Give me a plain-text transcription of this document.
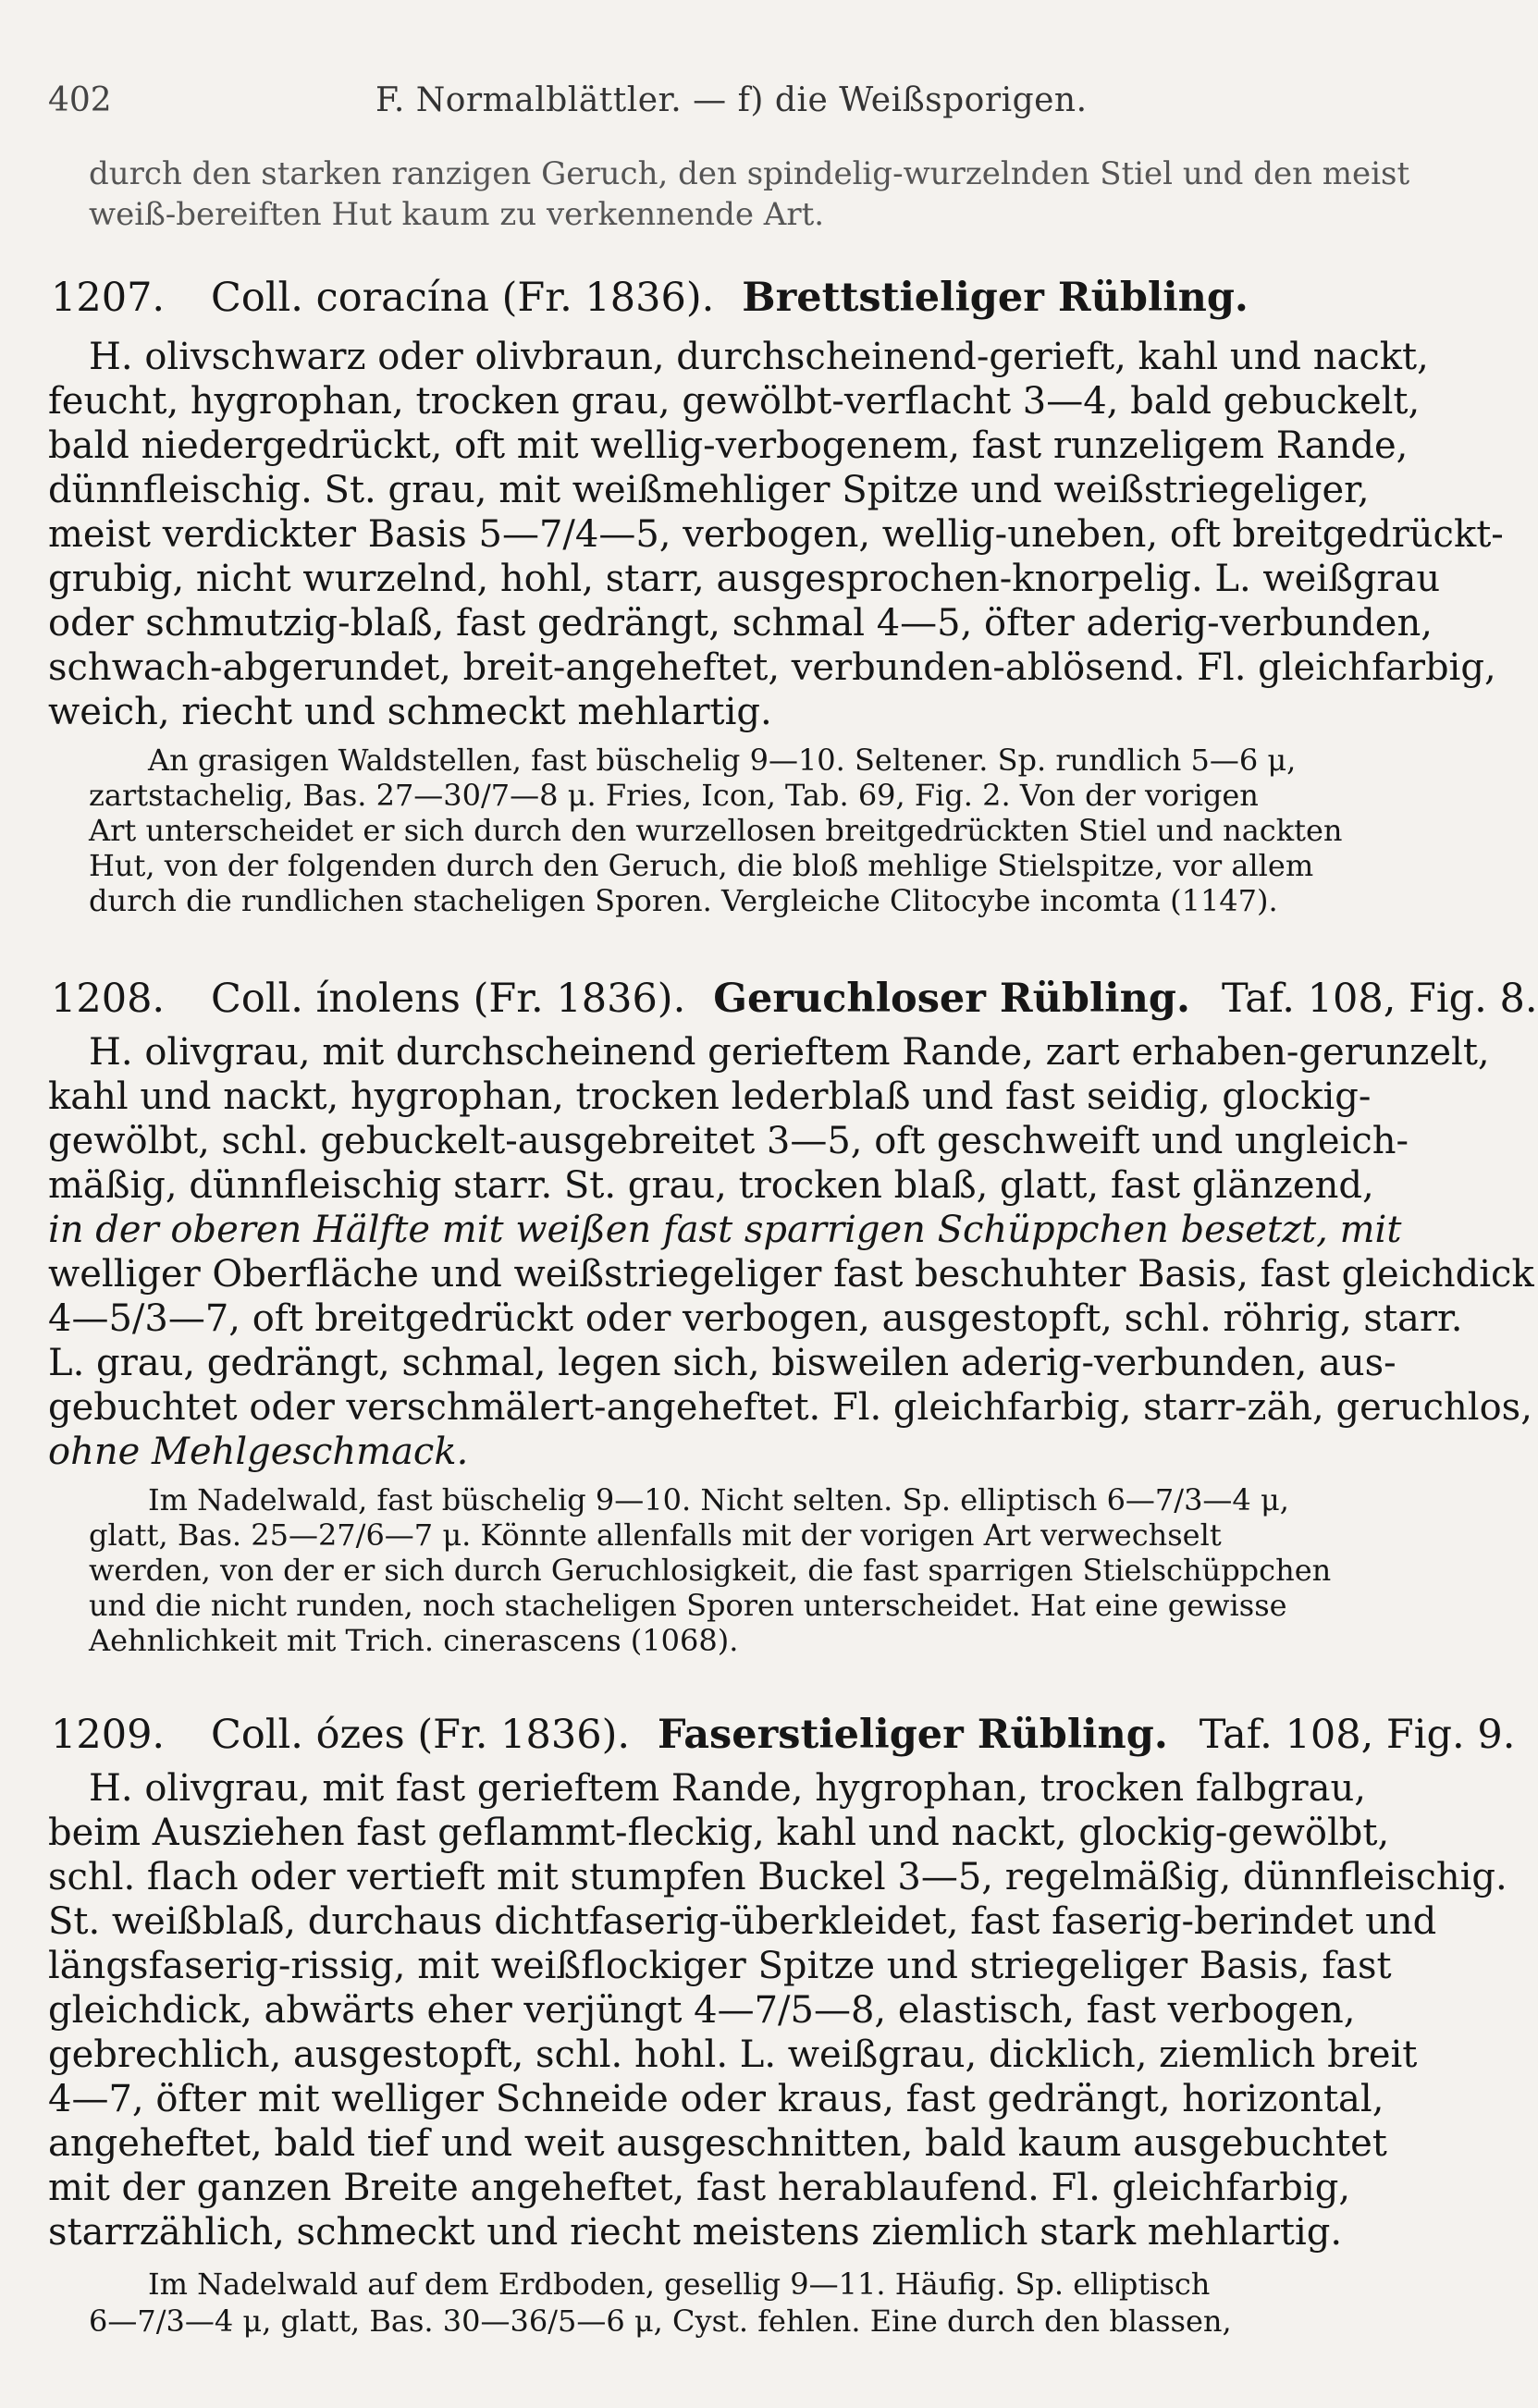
402	F. Normalblättler. — f) die Weißsporigen.
durch den starken ranzigen Geruch, den spindelig-wurzelnden Stiel und den meist
weiß-bereiften Hut kaum zu verkennende Art.
1207. Coll. coracína (Fr. 1836). Brettstieliger Rübling.
H. olivschwarz oder olivbraun, durchscheinend-gerieft, kahl und nackt,
feucht, hygrophan, trocken grau, gewölbt-verflacht 3—4, bald gebuckelt,
bald niedergedrückt, oft mit wellig-verbogenem, fast runzeligem Rande,
dünnfleischig. St. grau, mit weißmehliger Spitze und weißstriegeliger,
meist verdickter Basis 5—7/4—5, verbogen, wellig-uneben, oft breitgedrückt-
grubig, nicht wurzelnd, hohl, starr, ausgesprochen-knorpelig. L. weißgrau
oder schmutzig-blaß, fast gedrängt, schmal 4—5, öfter aderig-verbunden,
schwach-abgerundet, breit-angeheftet, verbunden-ablösend. Fl. gleichfarbig,
weich, riecht und schmeckt mehlartig.
An grasigen Waldstellen, fast büschelig 9—10. Seltener. Sp. rundlich 5—6 μ,
zartstachelig, Bas. 27—30/7—8 μ. Fries, Icon, Tab. 69, Fig. 2. Von der vorigen
Art unterscheidet er sich durch den wurzellosen breitgedrückten Stiel und nackten
Hut, von der folgenden durch den Geruch, die bloß mehlige Stielspitze, vor allem
durch die rundlichen stacheligen Sporen. Vergleiche Clitocybe incomta (1147).
1208. Coll. ínolens (Fr. 1836). Geruchloser Rübling. Taf. 108, Fig. 8.
H. olivgrau, mit durchscheinend gerieftem Rande, zart erhaben-gerunzelt,
kahl und nackt, hygrophan, trocken lederblaß und fast seidig, glockig-
gewölbt, schl. gebuckelt-ausgebreitet 3—5, oft geschweift und ungleich-
mäßig, dünnfleischig starr. St. grau, trocken blaß, glatt, fast glänzend,
in der oberen Hälfte mit weißen fast sparrigen Schüppchen besetzt, mit
welliger Oberfläche und weißstriegeliger fast beschuhter Basis, fast gleichdick
4—5/3—7, oft breitgedrückt oder verbogen, ausgestopft, schl. röhrig, starr.
L. grau, gedrängt, schmal, legen sich, bisweilen aderig-verbunden, aus-
gebuchtet oder verschmälert-angeheftet. Fl. gleichfarbig, starr-zäh, geruchlos,
ohne Mehlgeschmack.
Im Nadelwald, fast büschelig 9—10. Nicht selten. Sp. elliptisch 6—7/3—4 μ,
glatt, Bas. 25—27/6—7 μ. Könnte allenfalls mit der vorigen Art verwechselt
werden, von der er sich durch Geruchlosigkeit, die fast sparrigen Stielschüppchen
und die nicht runden, noch stacheligen Sporen unterscheidet. Hat eine gewisse
Aehnlichkeit mit Trich. cinerascens (1068).
1209. Coll. ózes (Fr. 1836). Faserstieliger Rübling. Taf. 108, Fig. 9.
H. olivgrau, mit fast gerieftem Rande, hygrophan, trocken falbgrau,
beim Ausziehen fast geflammt-fleckig, kahl und nackt, glockig-gewölbt,
schl. flach oder vertieft mit stumpfen Buckel 3—5, regelmäßig, dünnfleischig.
St. weißblaß, durchaus dichtfaserig-überkleidet, fast faserig-berindet und
längsfaserig-rissig, mit weißflockiger Spitze und striegeliger Basis, fast
gleichdick, abwärts eher verjüngt 4—7/5—8, elastisch, fast verbogen,
gebrechlich, ausgestopft, schl. hohl. L. weißgrau, dicklich, ziemlich breit
4—7, öfter mit welliger Schneide oder kraus, fast gedrängt, horizontal,
angeheftet, bald tief und weit ausgeschnitten, bald kaum ausgebuchtet
mit der ganzen Breite angeheftet, fast herablaufend. Fl. gleichfarbig,
starrzählich, schmeckt und riecht meistens ziemlich stark mehlartig.
Im Nadelwald auf dem Erdboden, gesellig 9—11. Häufig. Sp. elliptisch
6—7/3—4 μ, glatt, Bas. 30—36/5—6 μ, Cyst. fehlen. Eine durch den blassen,
